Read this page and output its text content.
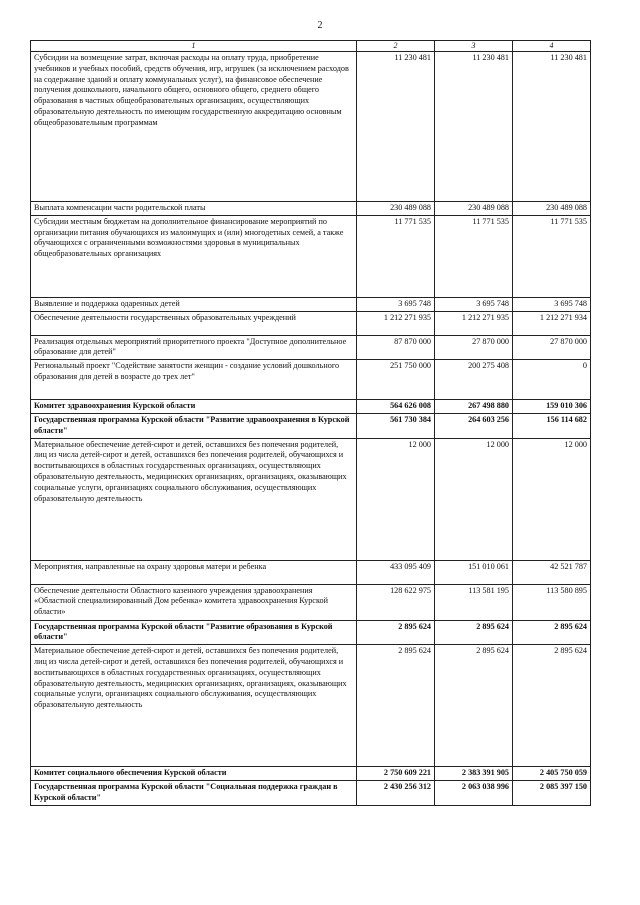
2
1	2	3	4
Субсидии на возмещение затрат, включая расходы на оплату труда, приобретение учебников и учебных пособий, средств обучения, игр, игрушек (за исключением расходов на содержание зданий и оплату коммунальных услуг), на финансовое обеспечение получения дошкольного, начального общего, основного общего, среднего общего образования в частных общеобразовательных организациях, осуществляющих образовательную деятельность по имеющим государственную аккредитацию основным общеобразовательным программам	11 230 481	11 230 481	11 230 481
Выплата компенсации части родительской платы	230 489 088	230 489 088	230 489 088
Субсидии местным бюджетам на дополнительное финансирование мероприятий по организации питания обучающихся из малоимущих и (или) многодетных семей, а также обучающихся с ограниченными возможностями здоровья в муниципальных общеобразовательных организациях	11 771 535	11 771 535	11 771 535
Выявление и поддержка одаренных детей	3 695 748	3 695 748	3 695 748
Обеспечение деятельности государственных образовательных учреждений	1 212 271 935	1 212 271 935	1 212 271 934
Реализация отдельных мероприятий приоритетного проекта "Доступное дополнительное образование для детей"	87 870 000	27 870 000	27 870 000
Региональный проект "Содействие занятости женщин - создание условий дошкольного образования для детей в возрасте до трех лет"	251 750 000	200 275 408	0
Комитет здравоохранения Курской области	564 626 008	267 498 880	159 010 306
Государственная программа Курской области "Развитие здравоохранения в Курской области"	561 730 384	264 603 256	156 114 682
Материальное обеспечение детей-сирот и детей, оставшихся без попечения родителей, лиц из числа детей-сирот и детей, оставшихся без попечения родителей, обучающихся и воспитывающихся в областных государственных организациях, осуществляющих образовательную деятельность, медицинских организациях, организациях, оказывающих социальные услуги, организациях социального обслуживания, осуществляющих образовательную деятельность	12 000	12 000	12 000
Мероприятия, направленные на охрану здоровья матери и ребенка	433 095 409	151 010 061	42 521 787
Обеспечение деятельности Областного казенного учреждения здравоохранения «Областной специализированный Дом ребенка» комитета здравоохранения Курской области»	128 622 975	113 581 195	113 580 895
Государственная программа Курской области "Развитие образования в Курской области"	2 895 624	2 895 624	2 895 624
Материальное обеспечение детей-сирот и детей, оставшихся без попечения родителей, лиц из числа детей-сирот и детей, оставшихся без попечения родителей, обучающихся и воспитывающихся в областных государственных организациях, осуществляющих образовательную деятельность, медицинских организациях, организациях, оказывающих социальные услуги, организациях социального обслуживания, осуществляющих образовательную деятельность	2 895 624	2 895 624	2 895 624
Комитет социального обеспечения Курской области	2 750 609 221	2 383 391 905	2 405 750 059
Государственная программа Курской области "Социальная поддержка граждан в Курской области"	2 430 256 312	2 063 038 996	2 085 397 150
